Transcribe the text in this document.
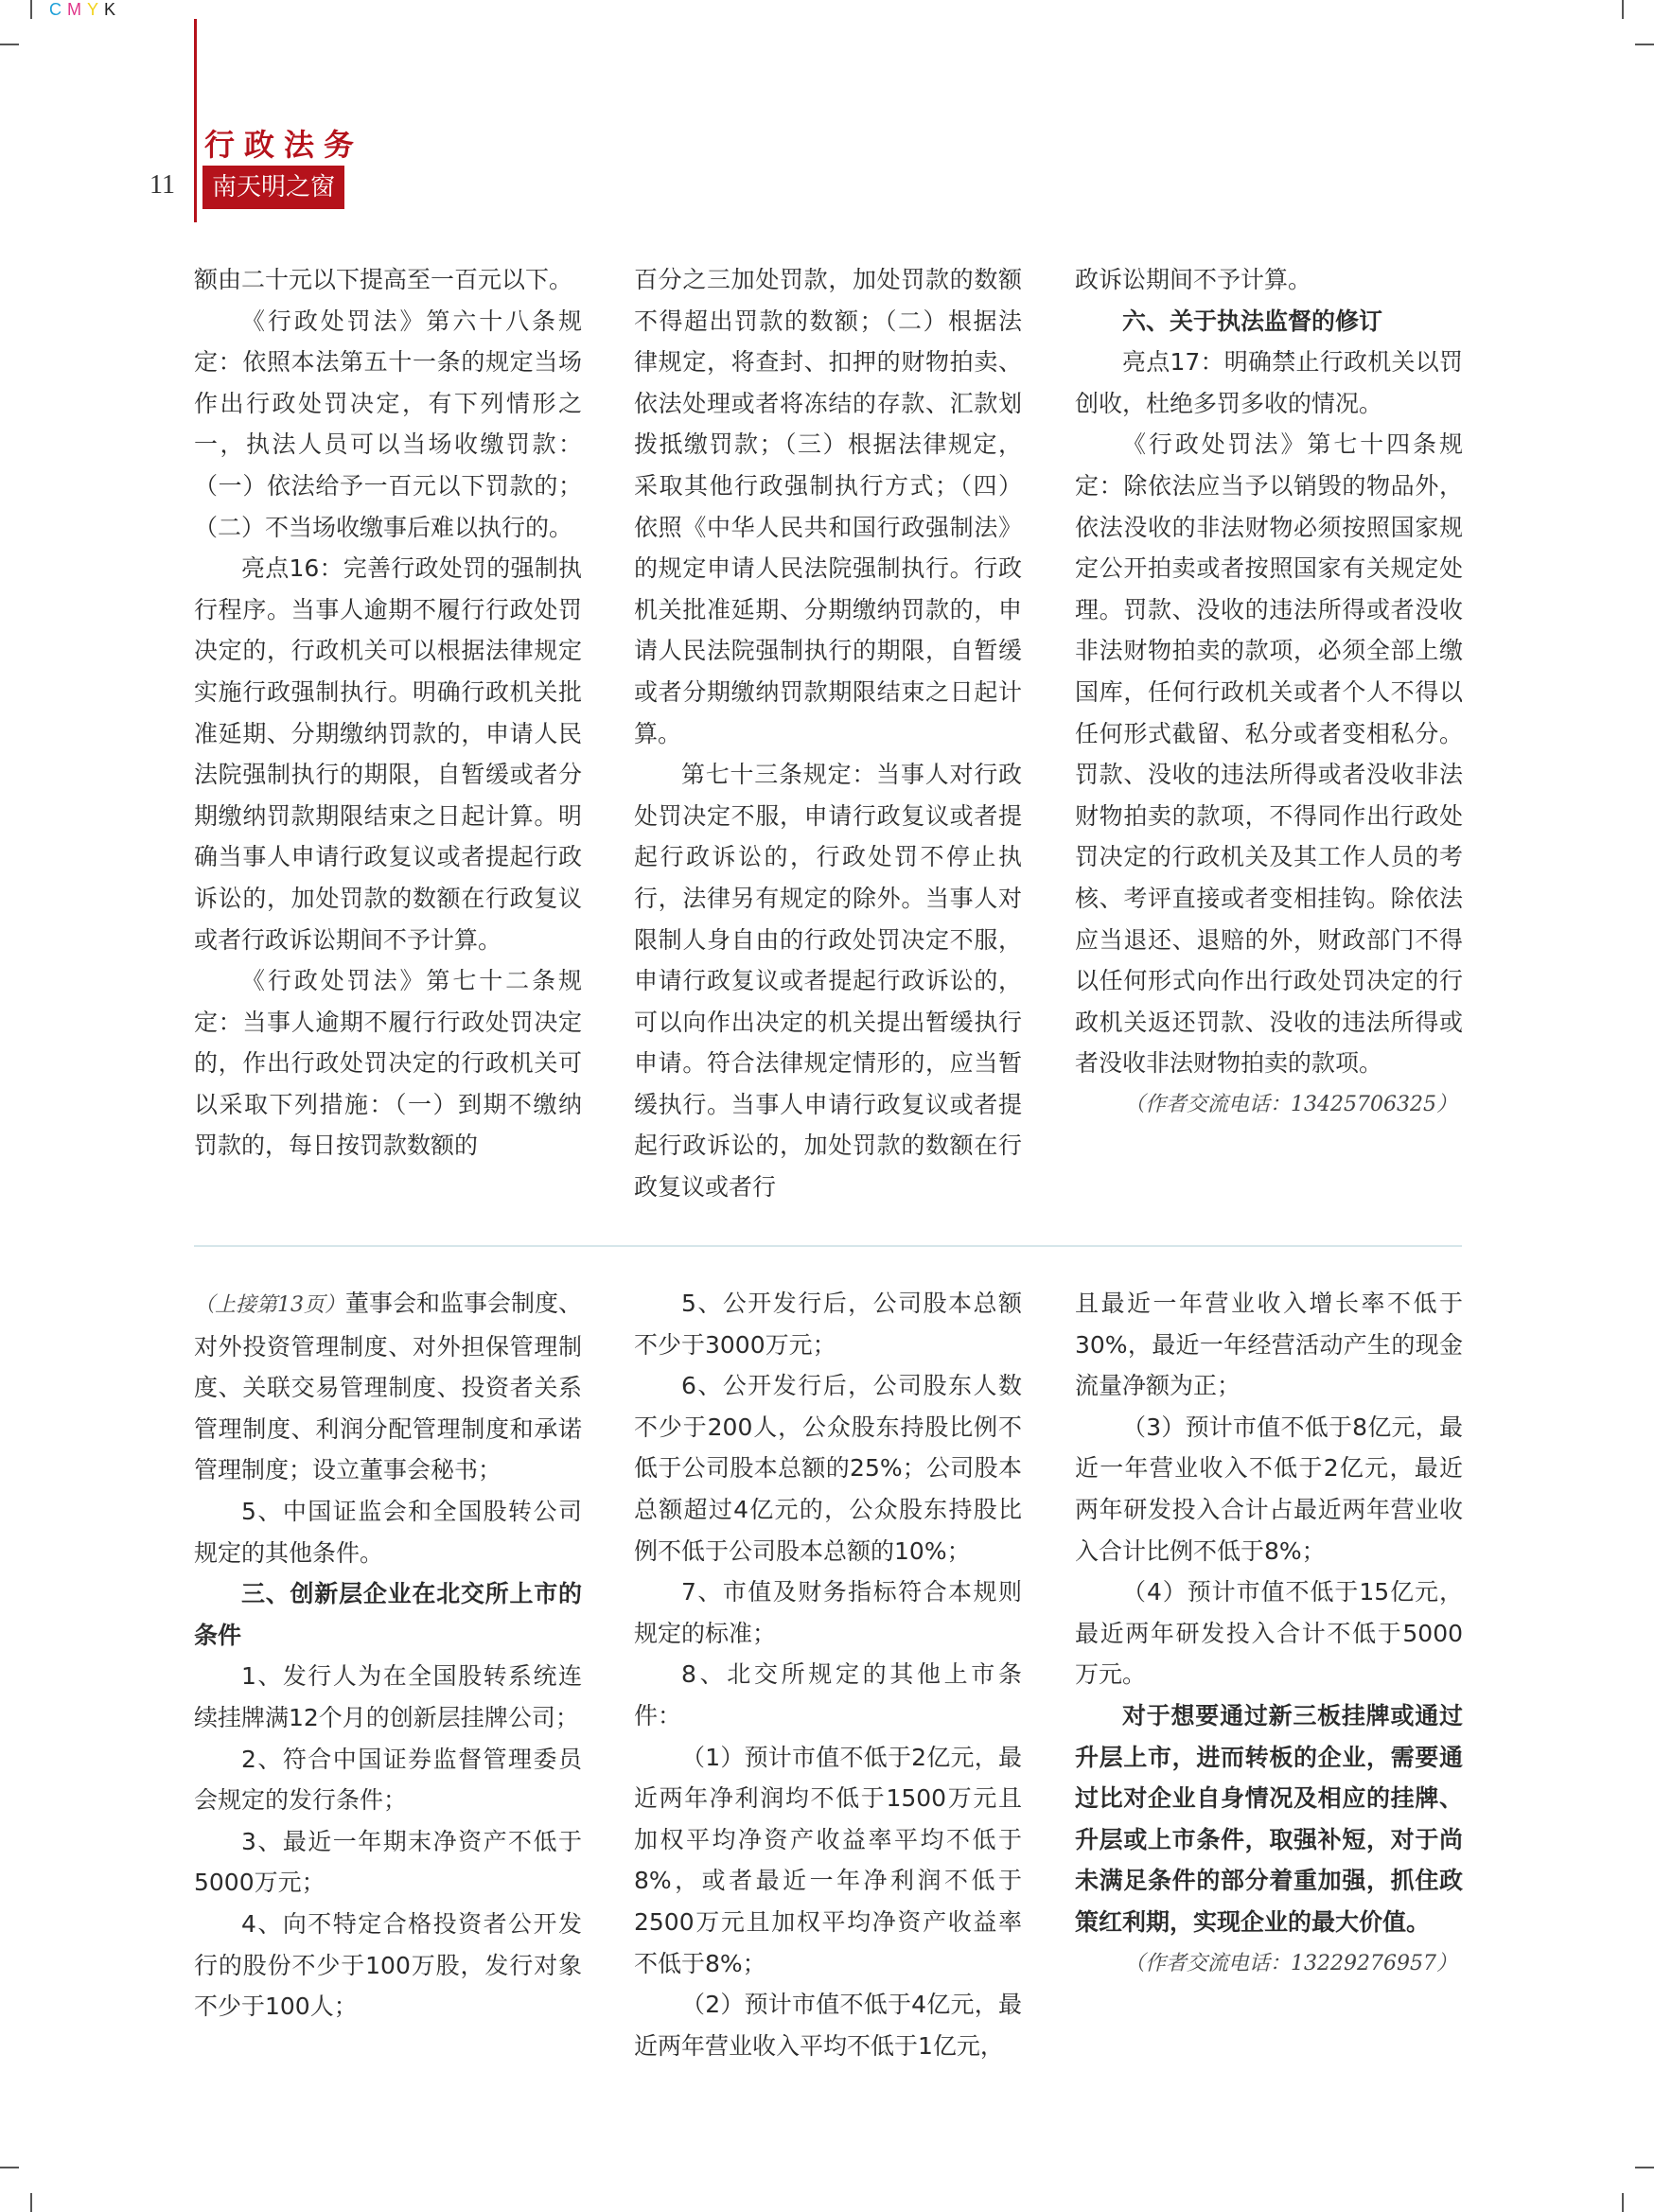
CMYK
行政法务
11	南天明之窗

额由二十元以下提高至一百元以下。

《行政处罚法》第六十八条规定：依照本法第五十一条的规定当场作出行政处罚决定，有下列情形之一，执法人员可以当场收缴罚款：（一）依法给予一百元以下罚款的；（二）不当场收缴事后难以执行的。

亮点16：完善行政处罚的强制执行程序。当事人逾期不履行行政处罚决定的，行政机关可以根据法律规定实施行政强制执行。明确行政机关批准延期、分期缴纳罚款的，申请人民法院强制执行的期限，自暂缓或者分期缴纳罚款期限结束之日起计算。明确当事人申请行政复议或者提起行政诉讼的，加处罚款的数额在行政复议或者行政诉讼期间不予计算。

《行政处罚法》第七十二条规定：当事人逾期不履行行政处罚决定的，作出行政处罚决定的行政机关可以采取下列措施：（一）到期不缴纳罚款的，每日按罚款数额的

百分之三加处罚款，加处罚款的数额不得超出罚款的数额；（二）根据法律规定，将查封、扣押的财物拍卖、依法处理或者将冻结的存款、汇款划拨抵缴罚款；（三）根据法律规定，采取其他行政强制执行方式；（四）依照《中华人民共和国行政强制法》的规定申请人民法院强制执行。行政机关批准延期、分期缴纳罚款的，申请人民法院强制执行的期限，自暂缓或者分期缴纳罚款期限结束之日起计算。

第七十三条规定：当事人对行政处罚决定不服，申请行政复议或者提起行政诉讼的，行政处罚不停止执行，法律另有规定的除外。当事人对限制人身自由的行政处罚决定不服，申请行政复议或者提起行政诉讼的，可以向作出决定的机关提出暂缓执行申请。符合法律规定情形的，应当暂缓执行。当事人申请行政复议或者提起行政诉讼的，加处罚款的数额在行政复议或者行

政诉讼期间不予计算。

六、关于执法监督的修订

亮点17：明确禁止行政机关以罚创收，杜绝多罚多收的情况。

《行政处罚法》第七十四条规定：除依法应当予以销毁的物品外，依法没收的非法财物必须按照国家规定公开拍卖或者按照国家有关规定处理。罚款、没收的违法所得或者没收非法财物拍卖的款项，必须全部上缴国库，任何行政机关或者个人不得以任何形式截留、私分或者变相私分。罚款、没收的违法所得或者没收非法财物拍卖的款项，不得同作出行政处罚决定的行政机关及其工作人员的考核、考评直接或者变相挂钩。除依法应当退还、退赔的外，财政部门不得以任何形式向作出行政处罚决定的行政机关返还罚款、没收的违法所得或者没收非法财物拍卖的款项。

（作者交流电话：13425706325）

（上接第13页）董事会和监事会制度、对外投资管理制度、对外担保管理制度、关联交易管理制度、投资者关系管理制度、利润分配管理制度和承诺管理制度；设立董事会秘书；

5、中国证监会和全国股转公司规定的其他条件。

三、创新层企业在北交所上市的条件

1、发行人为在全国股转系统连续挂牌满12个月的创新层挂牌公司；

2、符合中国证券监督管理委员会规定的发行条件；

3、最近一年期末净资产不低于5000万元；

4、向不特定合格投资者公开发行的股份不少于100万股，发行对象不少于100人；

5、公开发行后，公司股本总额不少于3000万元；

6、公开发行后，公司股东人数不少于200人，公众股东持股比例不低于公司股本总额的25%；公司股本总额超过4亿元的，公众股东持股比例不低于公司股本总额的10%；

7、市值及财务指标符合本规则规定的标准；

8、北交所规定的其他上市条件：

（1）预计市值不低于2亿元，最近两年净利润均不低于1500万元且加权平均净资产收益率平均不低于8%，或者最近一年净利润不低于2500万元且加权平均净资产收益率不低于8%；

（2）预计市值不低于4亿元，最近两年营业收入平均不低于1亿元，

且最近一年营业收入增长率不低于30%，最近一年经营活动产生的现金流量净额为正；

（3）预计市值不低于8亿元，最近一年营业收入不低于2亿元，最近两年研发投入合计占最近两年营业收入合计比例不低于8%；

（4）预计市值不低于15亿元，最近两年研发投入合计不低于5000万元。

对于想要通过新三板挂牌或通过升层上市，进而转板的企业，需要通过比对企业自身情况及相应的挂牌、升层或上市条件，取强补短，对于尚未满足条件的部分着重加强，抓住政策红利期，实现企业的最大价值。

（作者交流电话：13229276957）
